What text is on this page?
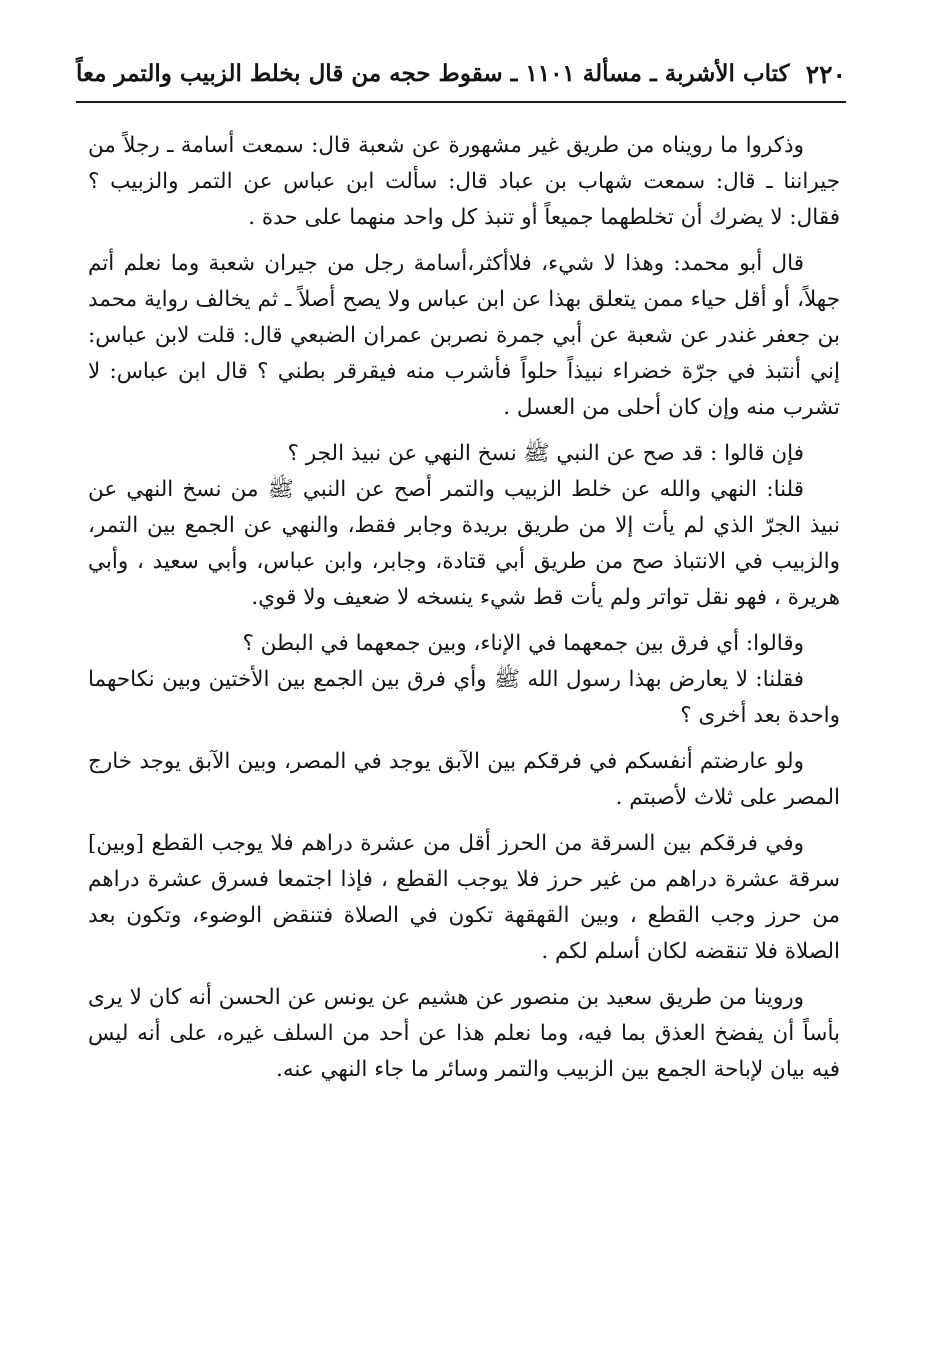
٢٢٠
كتاب الأشربة ـ مسألة ١١٠١ ـ سقوط حجه من قال بخلط الزبيب والتمر معاً

وذكروا ما رويناه من طريق غير مشهورة عن شعبة قال: سمعت أسامة ـ رجلاً من جيراننا ـ قال: سمعت شهاب بن عباد قال: سألت ابن عباس عن التمر والزبيب ؟ فقال: لا يضرك أن تخلطهما جميعاً أو تنبذ كل واحد منهما على حدة .

قال أبو محمد: وهذا لا شيء، فلاأكثر،أسامة رجل من جيران شعبة وما نعلم أتم جهلاً، أو أقل حياء ممن يتعلق بهذا عن ابن عباس ولا يصح أصلاً ـ ثم يخالف رواية محمد بن جعفر غندر عن شعبة عن أبي جمرة نصربن عمران الضبعي قال: قلت لابن عباس: إني أنتبذ في جرّة خضراء نبيذاً حلواً فأشرب منه فيقرقر بطني ؟ قال ابن عباس: لا تشرب منه وإن كان أحلى من العسل .

فإن قالوا : قد صح عن النبي ﷺ نسخ النهي عن نبيذ الجر ؟

قلنا: النهي والله عن خلط الزبيب والتمر أصح عن النبي ﷺ من نسخ النهي عن نبيذ الجرّ الذي لم يأت إلا من طريق بريدة وجابر فقط، والنهي عن الجمع بين التمر، والزبيب في الانتباذ صح من طريق أبي قتادة، وجابر، وابن عباس، وأبي سعيد ، وأبي هريرة ، فهو نقل تواتر ولم يأت قط شيء ينسخه لا ضعيف ولا قوي.

وقالوا: أي فرق بين جمعهما في الإناء، وبين جمعهما في البطن ؟

فقلنا: لا يعارض بهذا رسول الله ﷺ وأي فرق بين الجمع بين الأختين وبين نكاحهما واحدة بعد أخرى ؟

ولو عارضتم أنفسكم في فرقكم بين الآبق يوجد في المصر، وبين الآبق يوجد خارج المصر على ثلاث لأصبتم .

وفي فرقكم بين السرقة من الحرز أقل من عشرة دراهم فلا يوجب القطع [وبين] سرقة عشرة دراهم من غير حرز فلا يوجب القطع ، فإذا اجتمعا فسرق عشرة دراهم من حرز وجب القطع ، وبين القهقهة تكون في الصلاة فتنقض الوضوء، وتكون بعد الصلاة فلا تنقضه لكان أسلم لكم .

وروينا من طريق سعيد بن منصور عن هشيم عن يونس عن الحسن أنه كان لا يرى بأساً أن يفضخ العذق بما فيه، وما نعلم هذا عن أحد من السلف غيره، على أنه ليس فيه بيان لإباحة الجمع بين الزبيب والتمر وسائر ما جاء النهي عنه.
